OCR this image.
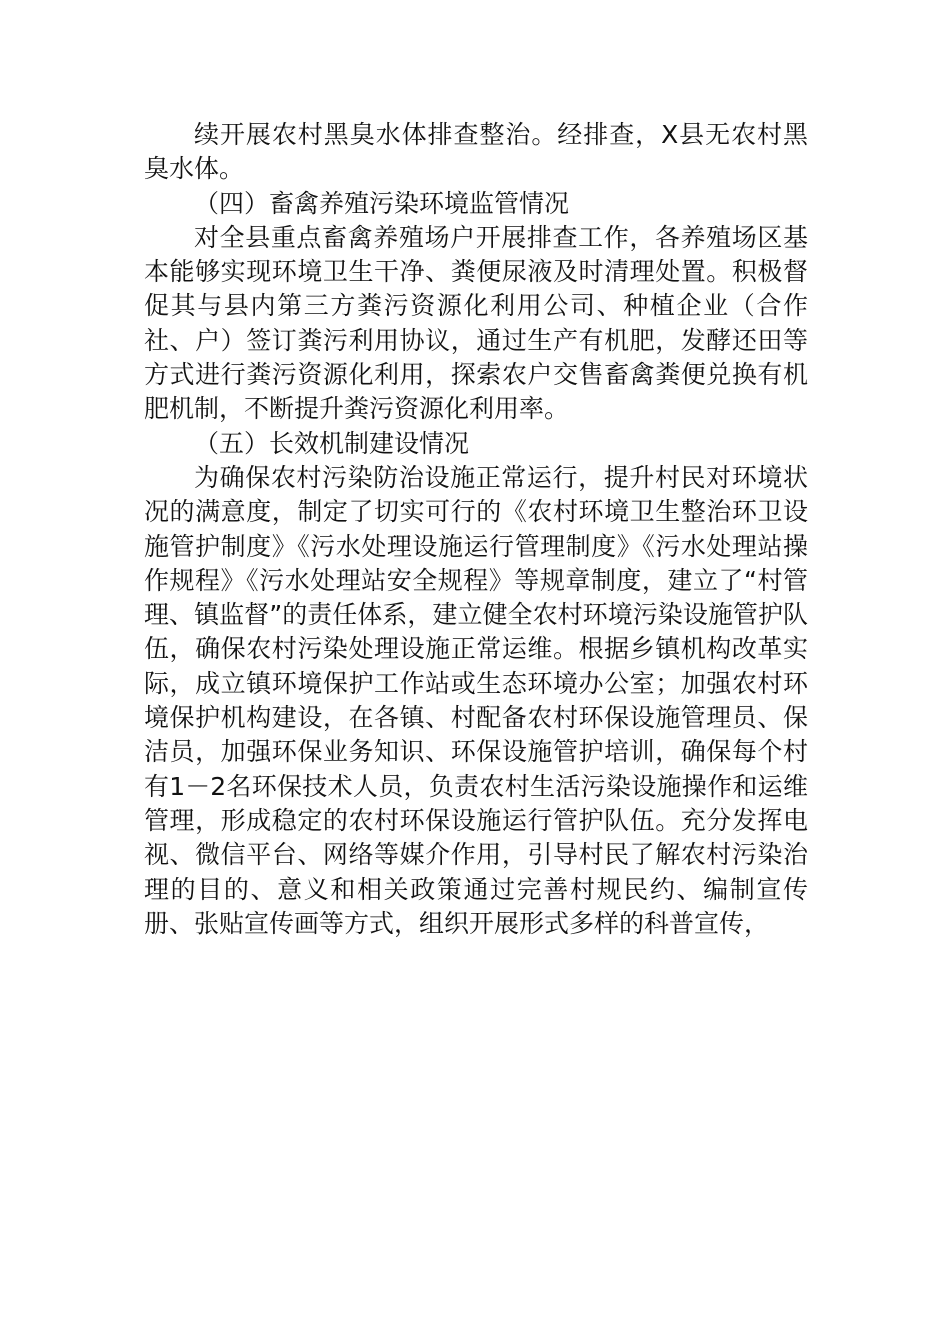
续开展农村黑臭水体排查整治。经排查，X县无农村黑臭水体。

（四）畜禽养殖污染环境监管情况

对全县重点畜禽养殖场户开展排查工作，各养殖场区基本能够实现环境卫生干净、粪便尿液及时清理处置。积极督促其与县内第三方粪污资源化利用公司、种植企业（合作社、户）签订粪污利用协议，通过生产有机肥，发酵还田等方式进行粪污资源化利用，探索农户交售畜禽粪便兑换有机肥机制，不断提升粪污资源化利用率。

（五）长效机制建设情况

为确保农村污染防治设施正常运行，提升村民对环境状况的满意度，制定了切实可行的《农村环境卫生整治环卫设施管护制度》《污水处理设施运行管理制度》《污水处理站操作规程》《污水处理站安全规程》等规章制度，建立了“村管理、镇监督”的责任体系，建立健全农村环境污染设施管护队伍，确保农村污染处理设施正常运维。根据乡镇机构改革实际，成立镇环境保护工作站或生态环境办公室；加强农村环境保护机构建设，在各镇、村配备农村环保设施管理员、保洁员，加强环保业务知识、环保设施管护培训，确保每个村有1－2名环保技术人员，负责农村生活污染设施操作和运维管理，形成稳定的农村环保设施运行管护队伍。充分发挥电视、微信平台、网络等媒介作用，引导村民了解农村污染治理的目的、意义和相关政策通过完善村规民约、编制宣传册、张贴宣传画等方式，组织开展形式多样的科普宣传，
